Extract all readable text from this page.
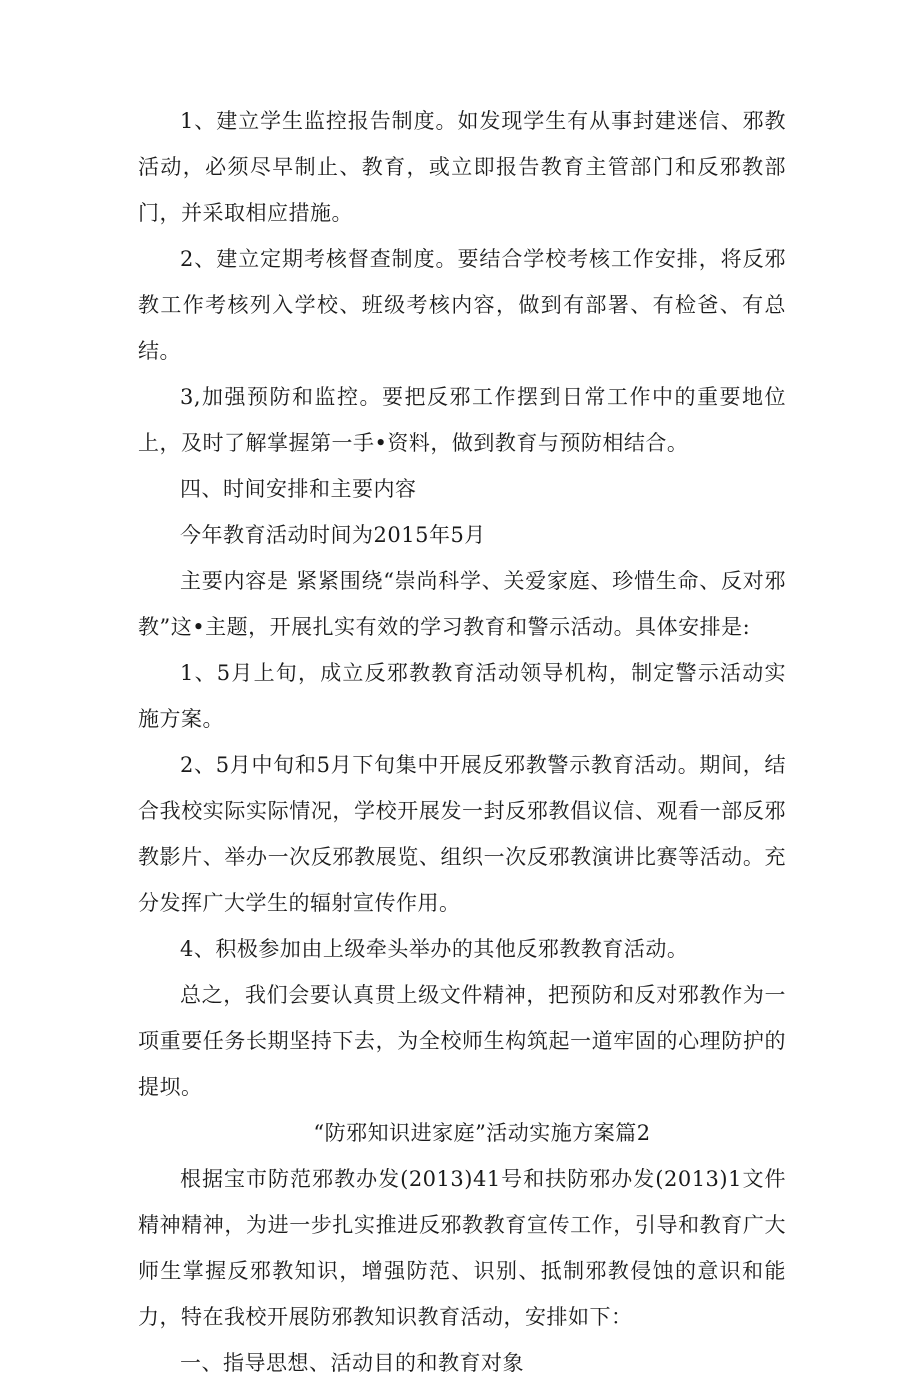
1、建立学生监控报告制度。如发现学生有从事封建迷信、邪教活动，必须尽早制止、教育，或立即报告教育主管部门和反邪教部门，并采取相应措施。

2、建立定期考核督查制度。要结合学校考核工作安排，将反邪教工作考核列入学校、班级考核内容，做到有部署、有检爸、有总结。

3,加强预防和监控。要把反邪工作摆到日常工作中的重要地位上，及时了解掌握第一手•资料，做到教育与预防相结合。

四、时间安排和主要内容

今年教育活动时间为2015年5月

主要内容是 紧紧围绕“崇尚科学、关爱家庭、珍惜生命、反对邪教”这•主题，开展扎实有效的学习教育和警示活动。具体安排是:

1、5月上旬，成立反邪教教育活动领导机构，制定警示活动实施方案。

2、5月中旬和5月下旬集中开展反邪教警示教育活动。期间，结合我校实际实际情况，学校开展发一封反邪教倡议信、观看一部反邪教影片、举办一次反邪教展览、组织一次反邪教演讲比赛等活动。充分发挥广大学生的辐射宣传作用。

4、积极参加由上级牵头举办的其他反邪教教育活动。

总之，我们会要认真贯上级文件精神，把预防和反对邪教作为一项重要任务长期坚持下去，为全校师生构筑起一道牢固的心理防护的提坝。

“防邪知识进家庭”活动实施方案篇2

根据宝市防范邪教办发(2013)41号和扶防邪办发(2013)1文件精神精神，为进一步扎实推进反邪教教育宣传工作，引导和教育广大师生掌握反邪教知识，增强防范、识别、抵制邪教侵蚀的意识和能力，特在我校开展防邪教知识教育活动，安排如下：

一、指导思想、活动目的和教育对象
